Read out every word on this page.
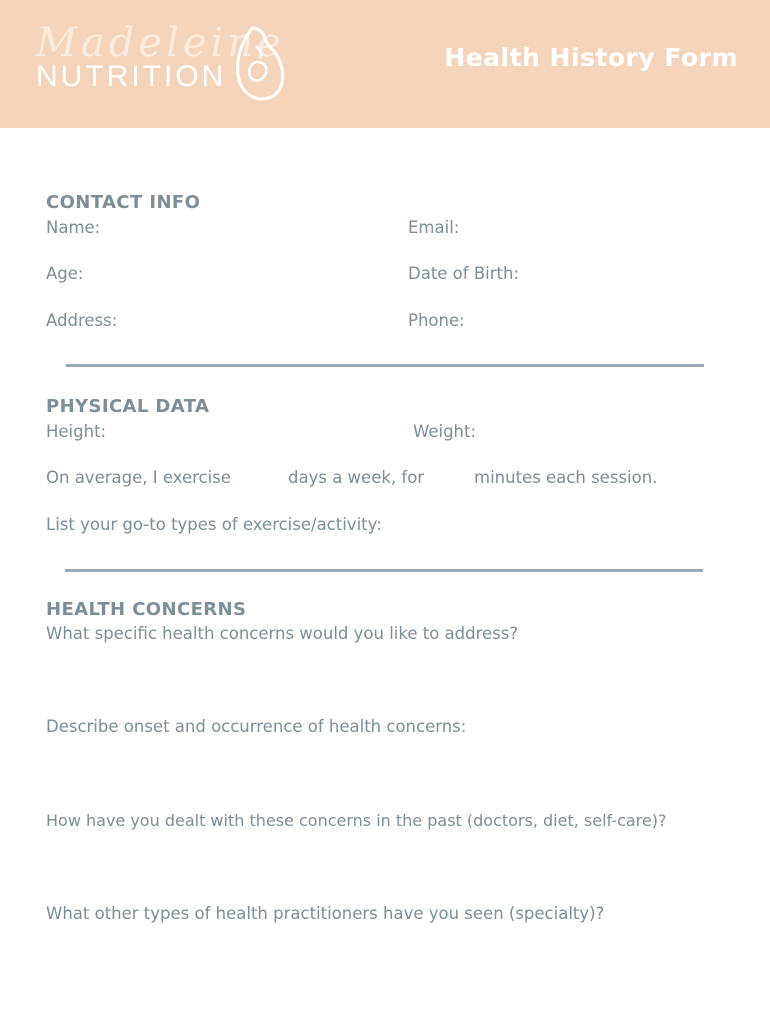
Madeleine
NUTRITION
Health History Form
CONTACT INFO
Name:	Email:
Age:	Date of Birth:
Address:	Phone:
PHYSICAL DATA
Height:	Weight:
On average, I exercise	days a week, for	minutes each session.
List your go-to types of exercise/activity:
HEALTH CONCERNS
What specific health concerns would you like to address?
Describe onset and occurrence of health concerns:
How have you dealt with these concerns in the past (doctors, diet, self-care)?
What other types of health practitioners have you seen (specialty)?
